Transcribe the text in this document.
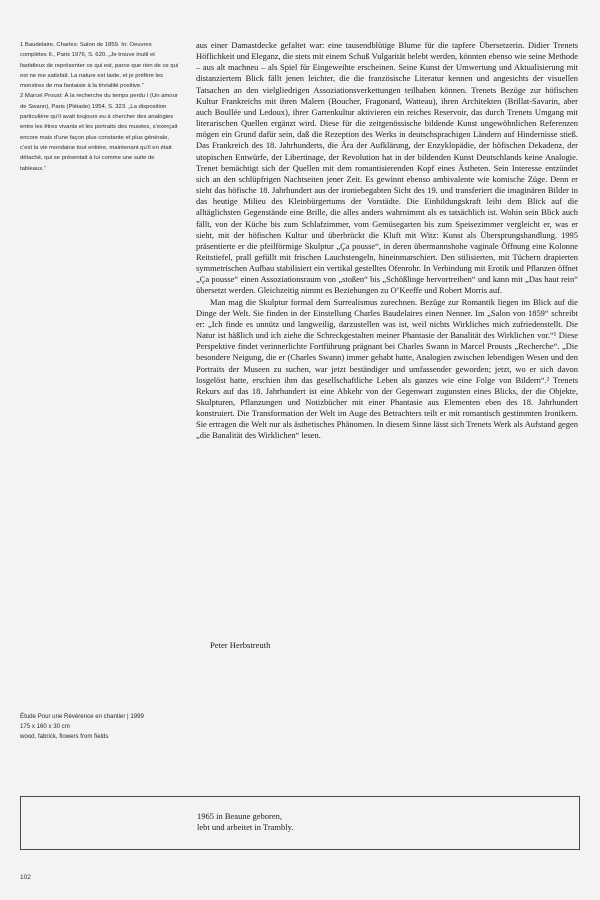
1 Baudelaire, Charles: Salon de 1859. In: Oeuvres complètes II., Paris 1976, S. 620. „Je trouve inutil et fastidieux de représenter ce qui est, parce que rien de ce qui est ne me satisfait. La nature est laide, et je préfère les monstres de ma fantaisie à la trivialité positive.“

2 Marcel Proust: À la recherche du temps perdu I (Un amour de Swann), Paris (Pléiade) 1954, S. 323. „La disposition particulière qu’il avait toujours eu à chercher des analogies entre les êtres vivants et les portraits des musées, s’exerçait encore mais d’une façon plus constante et plus générale, c’est la vie mondaine tout entière, maintenant qu’il en était détaché, qui se présentait à lui comme une suite de tableaux.“

aus einer Damastdecke gefaltet war: eine tausendblütige Blume für die tapfere Übersetzerin. Didier Trenets Höflichkeit und Eleganz, die stets mit einem Schuß Vulgarität belebt werden, könnten ebenso wie seine Methode – aus alt machneu – als Spiel für Eingeweihte erscheinen. Seine Kunst der Umwertung und Aktualisierung mit distanziertem Blick fällt jenen leichter, die die französische Literatur kennen und angesichts der visuellen Tatsachen an den vielgliedrigen Assoziationsverkettungen teilhaben können. Trenets Bezüge zur höfischen Kultur Frankreichs mit ihren Malern (Boucher, Fragonard, Watteau), ihren Architekten (Brillat-Savarin, aber auch Boullée und Ledoux), ihrer Gartenkultur aktivieren ein reiches Reservoir, das durch Trenets Umgang mit literarischen Quellen ergänzt wird. Diese für die zeitgenössische bildende Kunst ungewöhnlichen Referenzen mögen ein Grund dafür sein, daß die Rezeption des Werks in deutschsprachigen Ländern auf Hindernisse stieß. Das Frankreich des 18. Jahrhunderts, die Ära der Aufklärung, der Enzyklopädie, der höfischen Dekadenz, der utopischen Entwürfe, der Libertinage, der Revolution hat in der bildenden Kunst Deutschlands keine Analogie. Trenet bemächtigt sich der Quellen mit dem romantisierenden Kopf eines Ästheten. Sein Interesse entzündet sich an den schlüpfrigen Nachtseiten jener Zeit. Es gewinnt ebenso ambivalente wie komische Züge. Denn er sieht das höfische 18. Jahrhundert aus der ironiebegabten Sicht des 19. und transferiert die imaginären Bilder in das heutige Milieu des Kleinbürgertums der Vorstädte. Die Einbildungskraft leiht dem Blick auf die alltäglichsten Gegenstände eine Brille, die alles anders wahrnimmt als es tatsächlich ist. Wohin sein Blick auch fällt, von der Küche bis zum Schlafzimmer, vom Gemüsegarten bis zum Speisezimmer vergleicht er, was er sieht, mit der höfischen Kultur und überbrückt die Kluft mit Witz: Kunst als Übersprungshandlung. 1995 präsentierte er die pfeilförmige Skulptur „Ça pousse“, in deren übermannshohe vaginale Öffnung eine Kolonne Reitstiefel, prall gefüllt mit frischen Lauchstengeln, hineinmarschiert. Den stilisierten, mit Tüchern drapierten symmetrischen Aufbau stabilisiert ein vertikal gestelltes Ofenrohr. In Verbindung mit Erotik und Pflanzen öffnet „Ça pousse“ einen Assoziationsraum von „stoßen“ bis „Schößlinge hervortreiben“ und kann mit „Das haut rein“ übersetzt werden. Gleichzeitig nimmt es Beziehungen zu O’Keeffe und Robert Morris auf.

Man mag die Skulptur formal dem Surrealismus zurechnen. Bezüge zur Romantik liegen im Blick auf die Dinge der Welt. Sie finden in der Einstellung Charles Baudelaires einen Nenner. Im „Salon von 1859“ schreibt er: „Ich finde es unnütz und langweilig, darzustellen was ist, weil nichts Wirkliches mich zufriedenstellt. Die Natur ist häßlich und ich ziehe die Schreckgestalten meiner Phantasie der Banalität des Wirklichen vor.“¹ Diese Perspektive findet verinnerlichte Fortführung prägnant bei Charles Swann in Marcel Prousts „Recherche“. „Die besondere Neigung, die er (Charles Swann) immer gehabt hatte, Analogien zwischen lebendigen Wesen und den Portraits der Museen zu suchen, war jetzt beständiger und umfassender geworden; jetzt, wo er sich davon losgelöst hatte, erschien ihm das gesellschaftliche Leben als ganzes wie eine Folge von Bildern“.² Trenets Rekurs auf das 18. Jahrhundert ist eine Abkehr von der Gegenwart zugunsten eines Blicks, der die Objekte, Skulpturen, Pflanzungen und Notizbücher mit einer Phantasie aus Elementen eben des 18. Jahrhundert konstruiert. Die Transformation der Welt im Auge des Betrachters teilt er mit romantisch gestimmten Ironikern. Sie ertragen die Welt nur als ästhetisches Phänomen. In diesem Sinne lässt sich Trenets Werk als Aufstand gegen „die Banalität des Wirklichen“ lesen.

Peter Herbstreuth
Étude Pour une Révérence en chantier | 1999
175 x 160 x 30 cm
wood, fabrick, flowers from fields
1965 in Beaune geboren,
lebt und arbeitet in Trambly.
102
